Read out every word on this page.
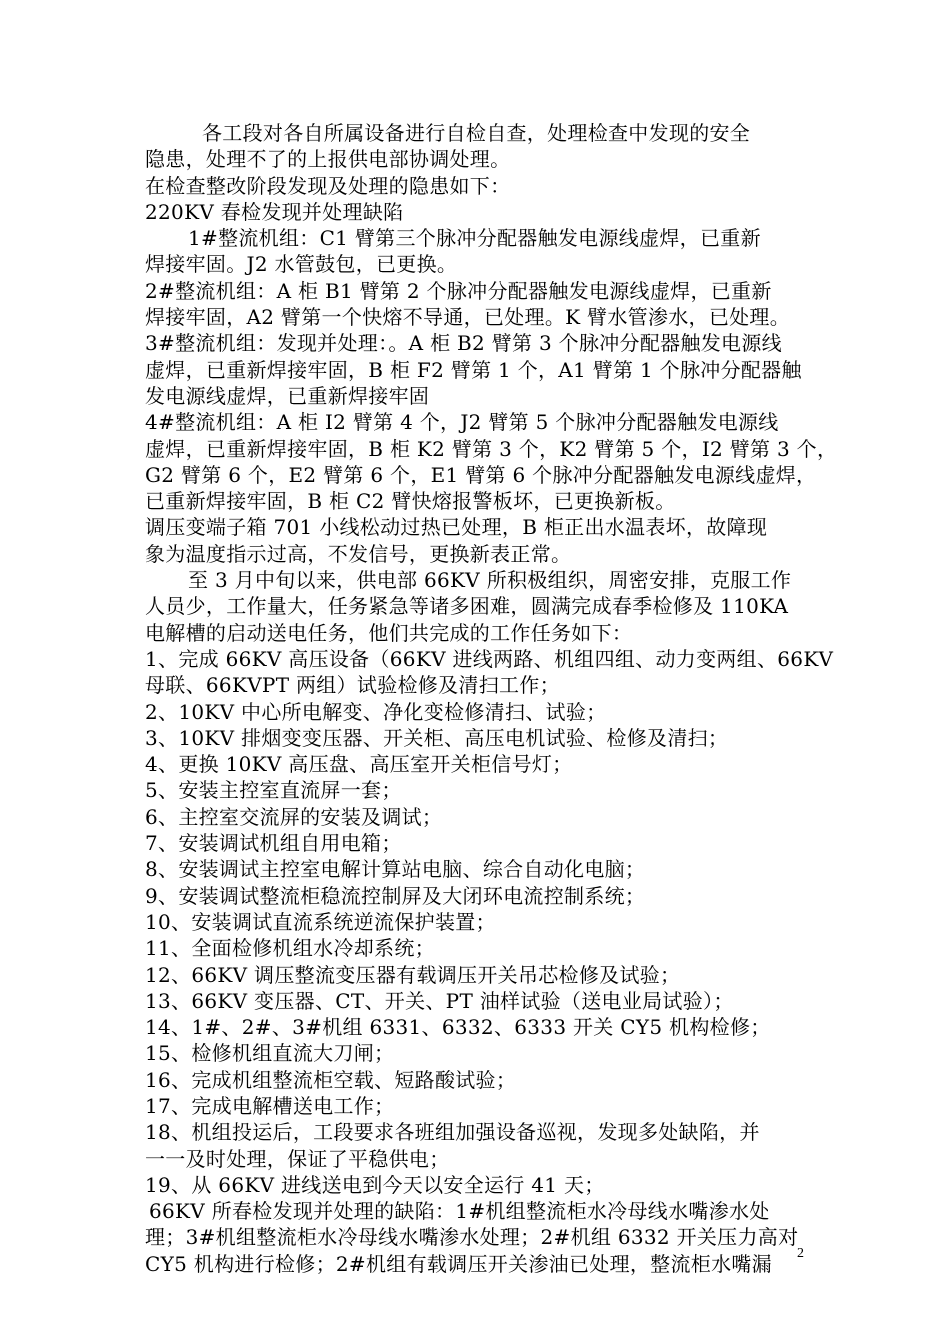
各工段对各自所属设备进行自检自查，处理检查中发现的安全

隐患，处理不了的上报供电部协调处理。

在检查整改阶段发现及处理的隐患如下：

220KV 春检发现并处理缺陷

1#整流机组：C1 臂第三个脉冲分配器触发电源线虚焊，已重新

焊接牢固。J2 水管鼓包，已更换。

2#整流机组：A 柜 B1 臂第 2 个脉冲分配器触发电源线虚焊，已重新

焊接牢固，A2 臂第一个快熔不导通，已处理。K 臂水管渗水，已处理。

3#整流机组：发现并处理：。A 柜 B2 臂第 3 个脉冲分配器触发电源线

虚焊，已重新焊接牢固，B 柜 F2 臂第 1 个，A1 臂第 1 个脉冲分配器触

发电源线虚焊，已重新焊接牢固

4#整流机组：A 柜 I2 臂第 4 个，J2 臂第 5 个脉冲分配器触发电源线

虚焊，已重新焊接牢固，B 柜 K2 臂第 3 个，K2 臂第 5 个，I2 臂第 3 个，

G2 臂第 6 个，E2 臂第 6 个，E1 臂第 6 个脉冲分配器触发电源线虚焊，

已重新焊接牢固，B 柜 C2 臂快熔报警板坏，已更换新板。

调压变端子箱 701 小线松动过热已处理，B 柜正出水温表坏，故障现

象为温度指示过高，不发信号，更换新表正常。

至 3 月中旬以来，供电部 66KV 所积极组织，周密安排，克服工作

人员少，工作量大，任务紧急等诸多困难，圆满完成春季检修及 110KA

电解槽的启动送电任务，他们共完成的工作任务如下：

1、完成 66KV 高压设备（66KV 进线两路、机组四组、动力变两组、66KV

母联、66KVPT 两组）试验检修及清扫工作；

2、10KV 中心所电解变、净化变检修清扫、试验；

3、10KV 排烟变变压器、开关柜、高压电机试验、检修及清扫；

4、更换 10KV 高压盘、高压室开关柜信号灯；

5、安装主控室直流屏一套；

6、主控室交流屏的安装及调试；

7、安装调试机组自用电箱；

8、安装调试主控室电解计算站电脑、综合自动化电脑；

9、安装调试整流柜稳流控制屏及大闭环电流控制系统；

10、安装调试直流系统逆流保护装置；

11、全面检修机组水冷却系统；

12、66KV 调压整流变压器有载调压开关吊芯检修及试验；

13、66KV 变压器、CT、开关、PT 油样试验（送电业局试验）；

14、1#、2#、3#机组 6331、6332、6333 开关 CY5 机构检修；

15、检修机组直流大刀闸；

16、完成机组整流柜空载、短路酸试验；

17、完成电解槽送电工作；

18、机组投运后，工段要求各班组加强设备巡视，发现多处缺陷，并

一一及时处理，保证了平稳供电；

19、从 66KV 进线送电到今天以安全运行 41 天；

66KV 所春检发现并处理的缺陷：1#机组整流柜水冷母线水嘴渗水处

理；3#机组整流柜水冷母线水嘴渗水处理；2#机组 6332 开关压力高对

CY5 机构进行检修；2#机组有载调压开关渗油已处理，整流柜水嘴漏	2
